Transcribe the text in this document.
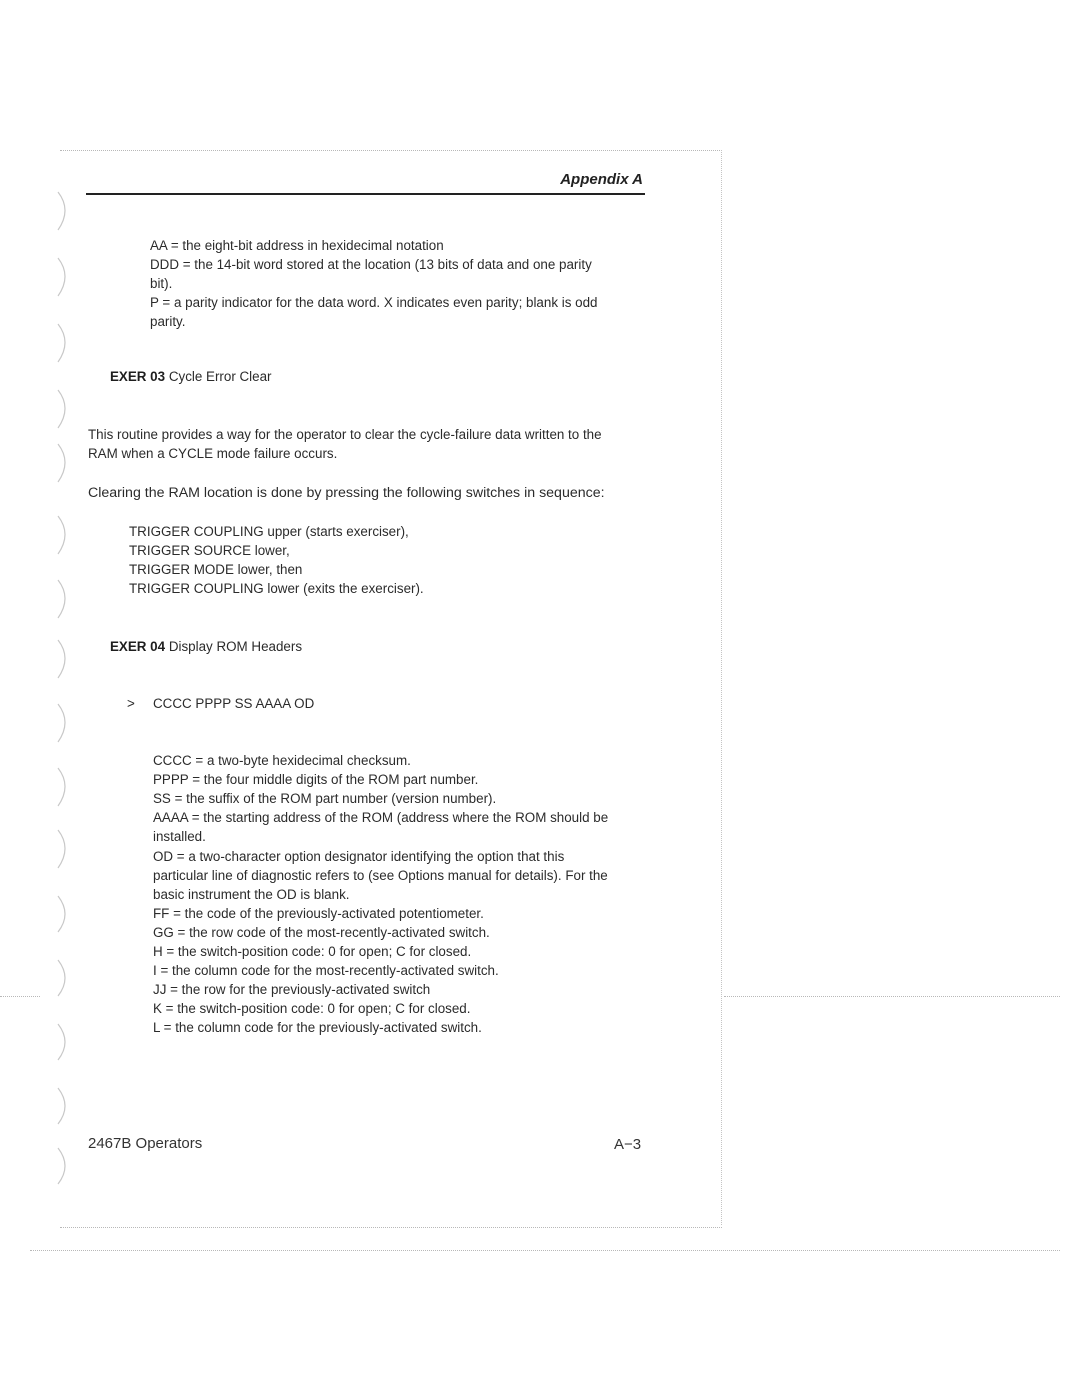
Appendix A
AA = the eight-bit address in hexidecimal notation
DDD = the 14-bit word stored at the location (13 bits of data and one parity
bit).
P = a parity indicator for the data word. X indicates even parity; blank is odd
parity.
EXER 03 Cycle Error Clear
This routine provides a way for the operator to clear the cycle-failure data written to the
RAM when a CYCLE mode failure occurs.
Clearing the RAM location is done by pressing the following switches in sequence:
TRIGGER COUPLING upper (starts exerciser),
TRIGGER SOURCE lower,
TRIGGER MODE lower, then
TRIGGER COUPLING lower (exits the exerciser).
EXER 04 Display ROM Headers
> CCCC PPPP SS AAAA OD
CCCC = a two-byte hexidecimal checksum.
PPPP = the four middle digits of the ROM part number.
SS = the suffix of the ROM part number (version number).
AAAA = the starting address of the ROM (address where the ROM should be
installed.
OD = a two-character option designator identifying the option that this
particular line of diagnostic refers to (see Options manual for details). For the
basic instrument the OD is blank.
FF = the code of the previously-activated potentiometer.
GG = the row code of the most-recently-activated switch.
H = the switch-position code: 0 for open; C for closed.
I = the column code for the most-recently-activated switch.
JJ = the row for the previously-activated switch
K = the switch-position code: 0 for open; C for closed.
L = the column code for the previously-activated switch.
2467B Operators	A−3
